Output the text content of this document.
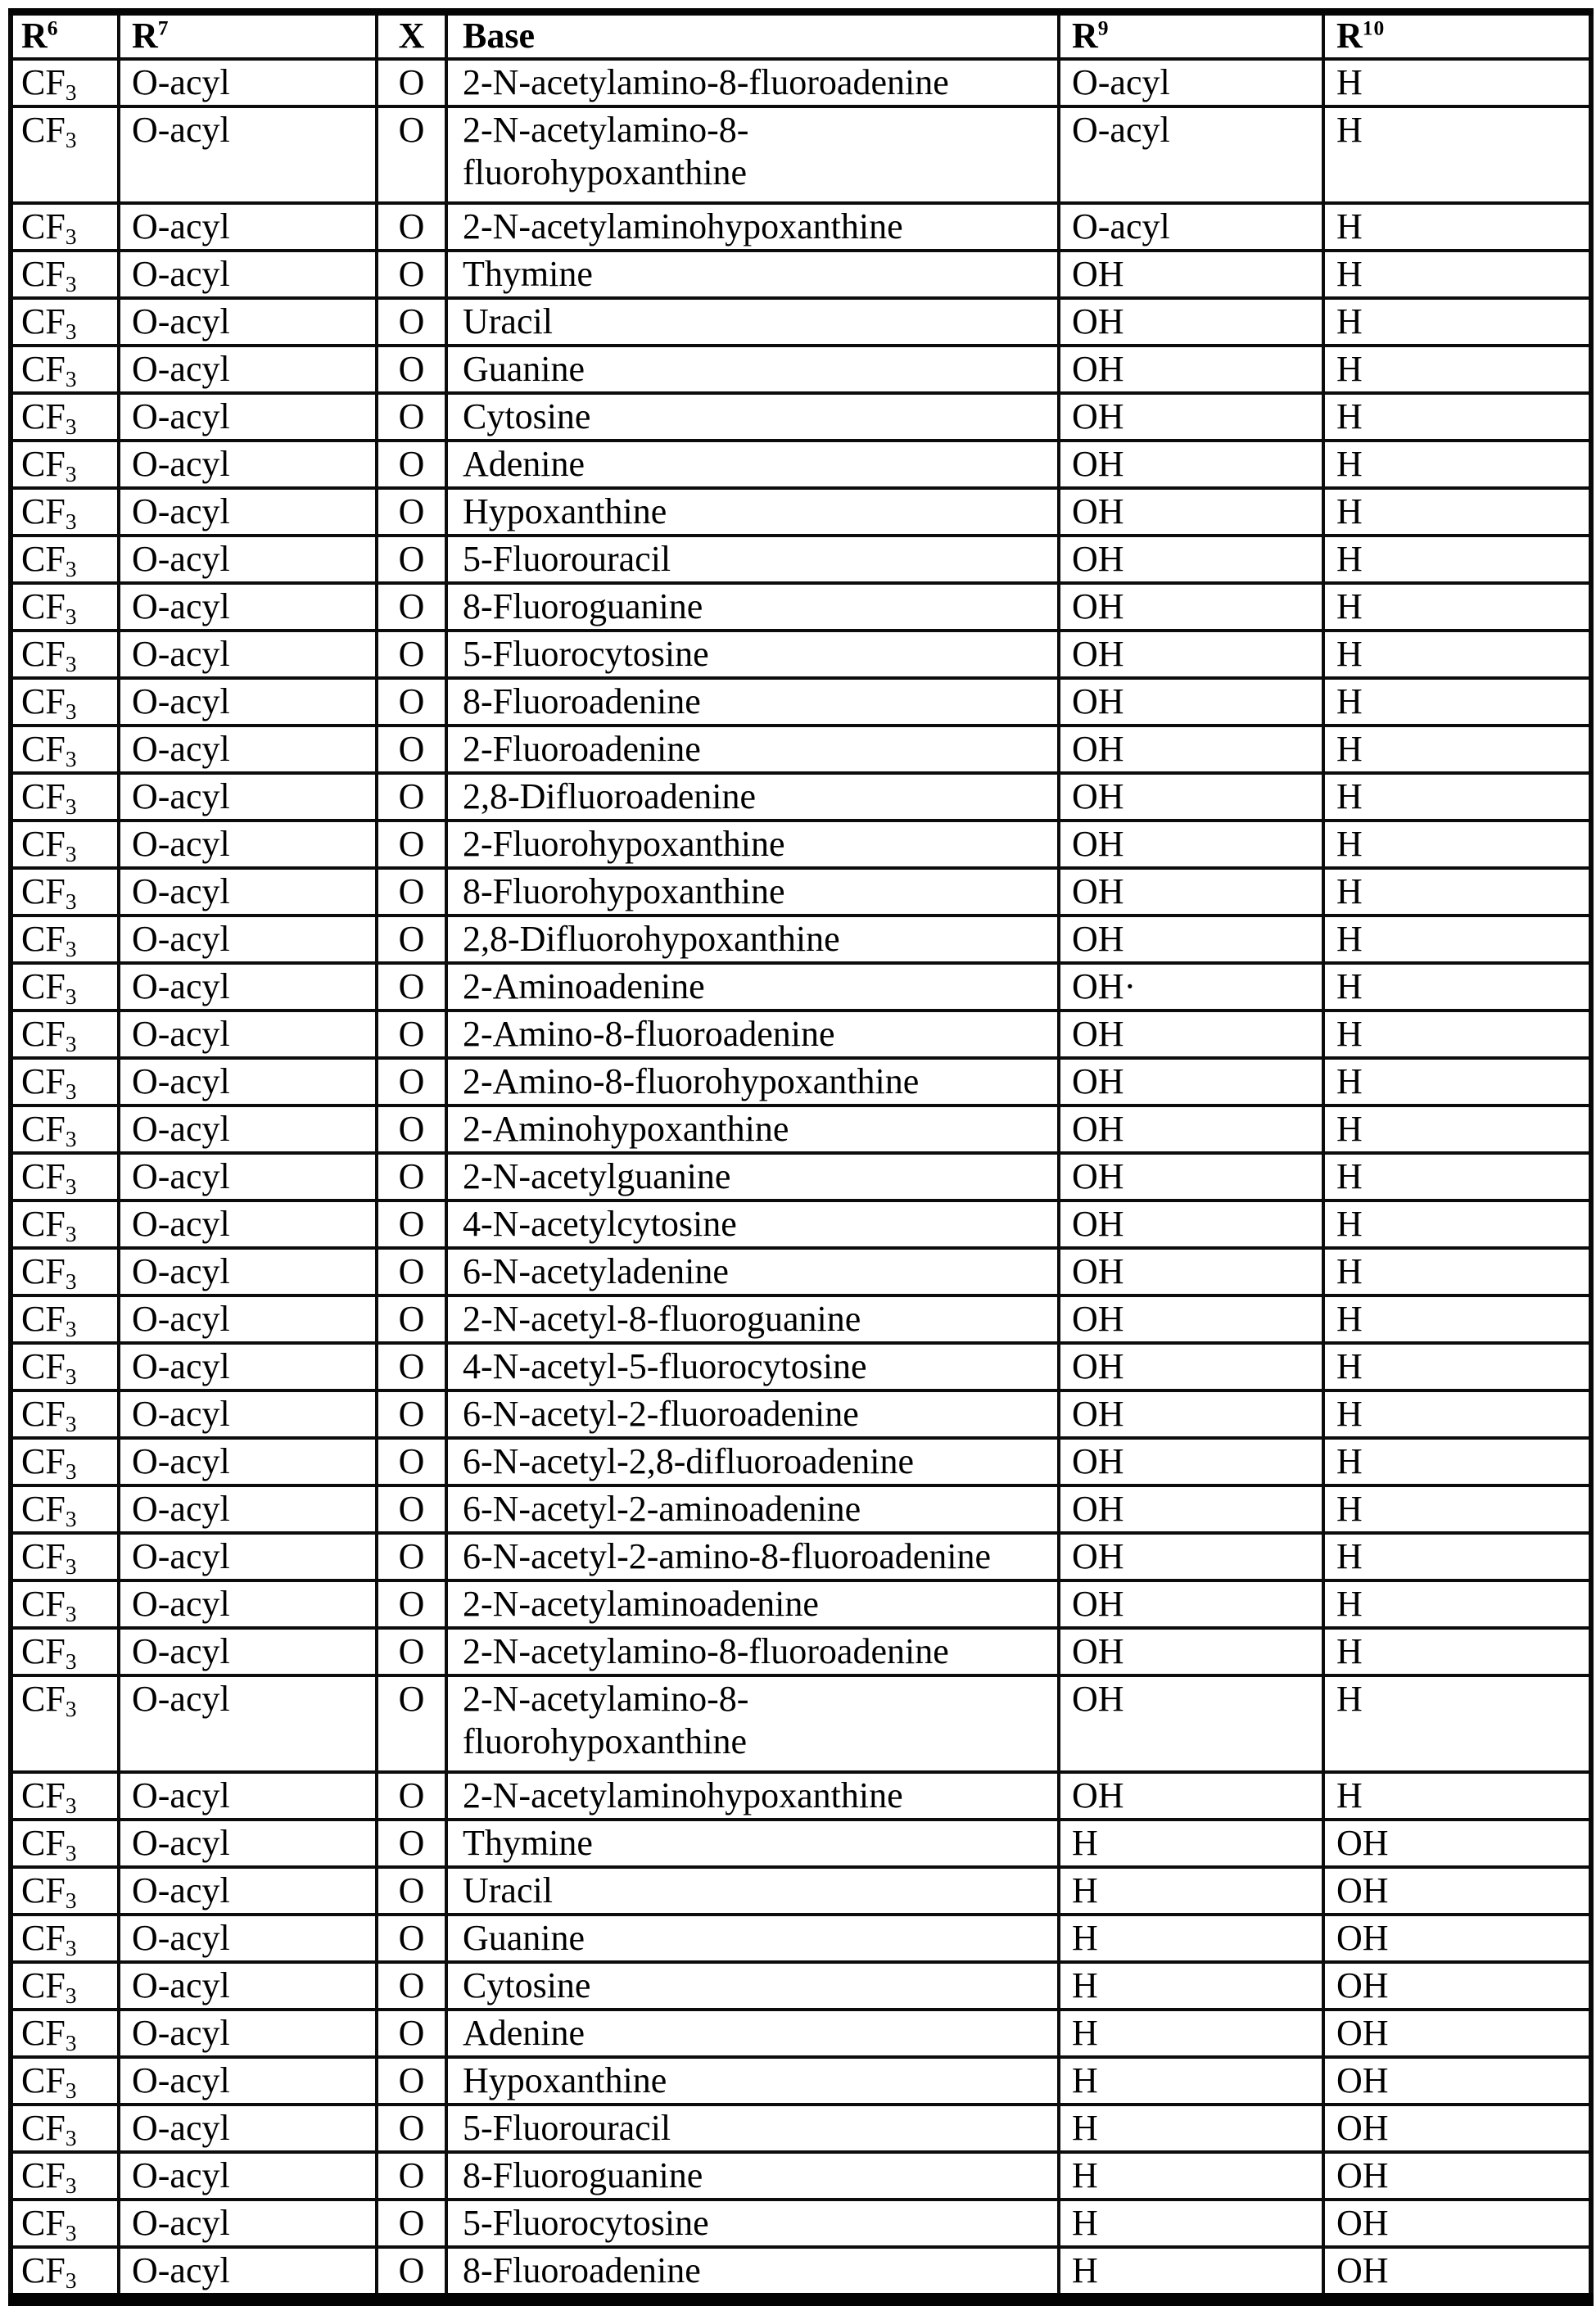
$R^6$	$R^7$	X	Base	$R^9$	$R^{10}$
$CF_3$	O-acyl	O	2-N-acetylamino-8-fluoroadenine	O-acyl	H
$CF_3$	O-acyl	O	2-N-acetylamino-8-
fluorohypoxanthine	O-acyl	H
$CF_3$	O-acyl	O	2-N-acetylaminohypoxanthine	O-acyl	H
$CF_3$	O-acyl	O	Thymine	OH	H
$CF_3$	O-acyl	O	Uracil	OH	H
$CF_3$	O-acyl	O	Guanine	OH	H
$CF_3$	O-acyl	O	Cytosine	OH	H
$CF_3$	O-acyl	O	Adenine	OH	H
$CF_3$	O-acyl	O	Hypoxanthine	OH	H
$CF_3$	O-acyl	O	5-Fluorouracil	OH	H
$CF_3$	O-acyl	O	8-Fluoroguanine	OH	H
$CF_3$	O-acyl	O	5-Fluorocytosine	OH	H
$CF_3$	O-acyl	O	8-Fluoroadenine	OH	H
$CF_3$	O-acyl	O	2-Fluoroadenine	OH	H
$CF_3$	O-acyl	O	2,8-Difluoroadenine	OH	H
$CF_3$	O-acyl	O	2-Fluorohypoxanthine	OH	H
$CF_3$	O-acyl	O	8-Fluorohypoxanthine	OH	H
$CF_3$	O-acyl	O	2,8-Difluorohypoxanthine	OH	H
$CF_3$	O-acyl	O	2-Aminoadenine	OH·	H
$CF_3$	O-acyl	O	2-Amino-8-fluoroadenine	OH	H
$CF_3$	O-acyl	O	2-Amino-8-fluorohypoxanthine	OH	H
$CF_3$	O-acyl	O	2-Aminohypoxanthine	OH	H
$CF_3$	O-acyl	O	2-N-acetylguanine	OH	H
$CF_3$	O-acyl	O	4-N-acetylcytosine	OH	H
$CF_3$	O-acyl	O	6-N-acetyladenine	OH	H
$CF_3$	O-acyl	O	2-N-acetyl-8-fluoroguanine	OH	H
$CF_3$	O-acyl	O	4-N-acetyl-5-fluorocytosine	OH	H
$CF_3$	O-acyl	O	6-N-acetyl-2-fluoroadenine	OH	H
$CF_3$	O-acyl	O	6-N-acetyl-2,8-difluoroadenine	OH	H
$CF_3$	O-acyl	O	6-N-acetyl-2-aminoadenine	OH	H
$CF_3$	O-acyl	O	6-N-acetyl-2-amino-8-fluoroadenine	OH	H
$CF_3$	O-acyl	O	2-N-acetylaminoadenine	OH	H
$CF_3$	O-acyl	O	2-N-acetylamino-8-fluoroadenine	OH	H
$CF_3$	O-acyl	O	2-N-acetylamino-8-
fluorohypoxanthine	OH	H
$CF_3$	O-acyl	O	2-N-acetylaminohypoxanthine	OH	H
$CF_3$	O-acyl	O	Thymine	H	OH
$CF_3$	O-acyl	O	Uracil	H	OH
$CF_3$	O-acyl	O	Guanine	H	OH
$CF_3$	O-acyl	O	Cytosine	H	OH
$CF_3$	O-acyl	O	Adenine	H	OH
$CF_3$	O-acyl	O	Hypoxanthine	H	OH
$CF_3$	O-acyl	O	5-Fluorouracil	H	OH
$CF_3$	O-acyl	O	8-Fluoroguanine	H	OH
$CF_3$	O-acyl	O	5-Fluorocytosine	H	OH
$CF_3$	O-acyl	O	8-Fluoroadenine	H	OH
